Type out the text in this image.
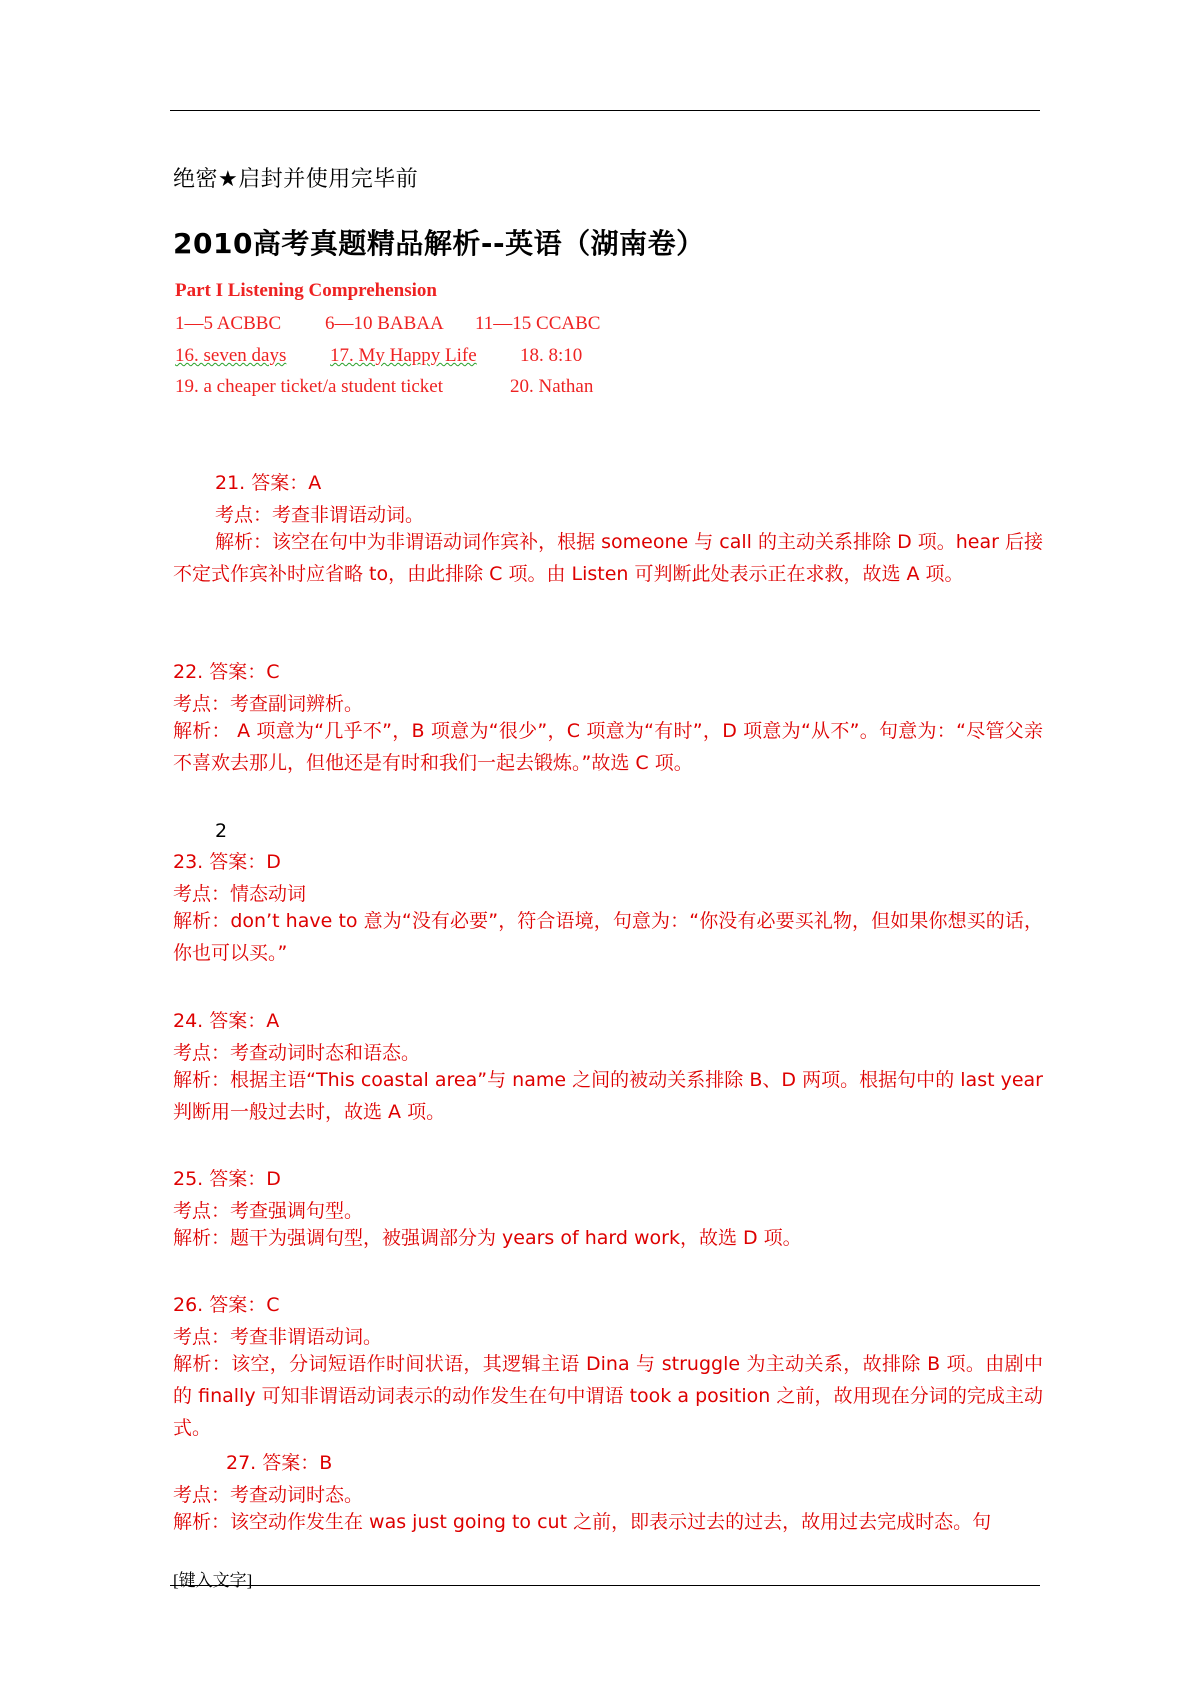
绝密★启封并使用完毕前
2010高考真题精品解析--英语（湖南卷）
Part I Listening Comprehension
1—5 ACBBC 6—10 BABAA 11—15 CCABC
16. seven days 17. My Happy Life 18. 8:10
19. a cheaper ticket/a student ticket	20. Nathan
21. 答案：A
考点：考查非谓语动词。
解析：该空在句中为非谓语动词作宾补，根据 someone 与 call 的主动关系排除 D 项。hear 后接不定式作宾补时应省略 to，由此排除 C 项。由 Listen 可判断此处表示正在求救，故选 A 项。
22. 答案：C
考点：考查副词辨析。
解析： A 项意为“几乎不”，B 项意为“很少”，C 项意为“有时”，D 项意为“从不”。句意为：“尽管父亲不喜欢去那儿，但他还是有时和我们一起去锻炼。”故选 C 项。
23. 答案：D
考点：情态动词
解析：don’t have to 意为“没有必要”，符合语境，句意为：“你没有必要买礼物，但如果你想买的话，你也可以买。”
24. 答案：A
考点：考查动词时态和语态。
解析：根据主语“This coastal area”与 name 之间的被动关系排除 B、D 两项。根据句中的 last year 判断用一般过去时，故选 A 项。
25. 答案：D
考点：考查强调句型。
解析：题干为强调句型，被强调部分为 years of hard work，故选 D 项。
26. 答案：C
考点：考查非谓语动词。
解析：该空，分词短语作时间状语，其逻辑主语 Dina 与 struggle 为主动关系，故排除 B 项。由剧中的 finally 可知非谓语动词表示的动作发生在句中谓语 took a position 之前，故用现在分词的完成主动式。
27. 答案：B
考点：考查动词时态。
解析：该空动作发生在 was just going to cut 之前，即表示过去的过去，故用过去完成时态。句
2
[键入文字]
